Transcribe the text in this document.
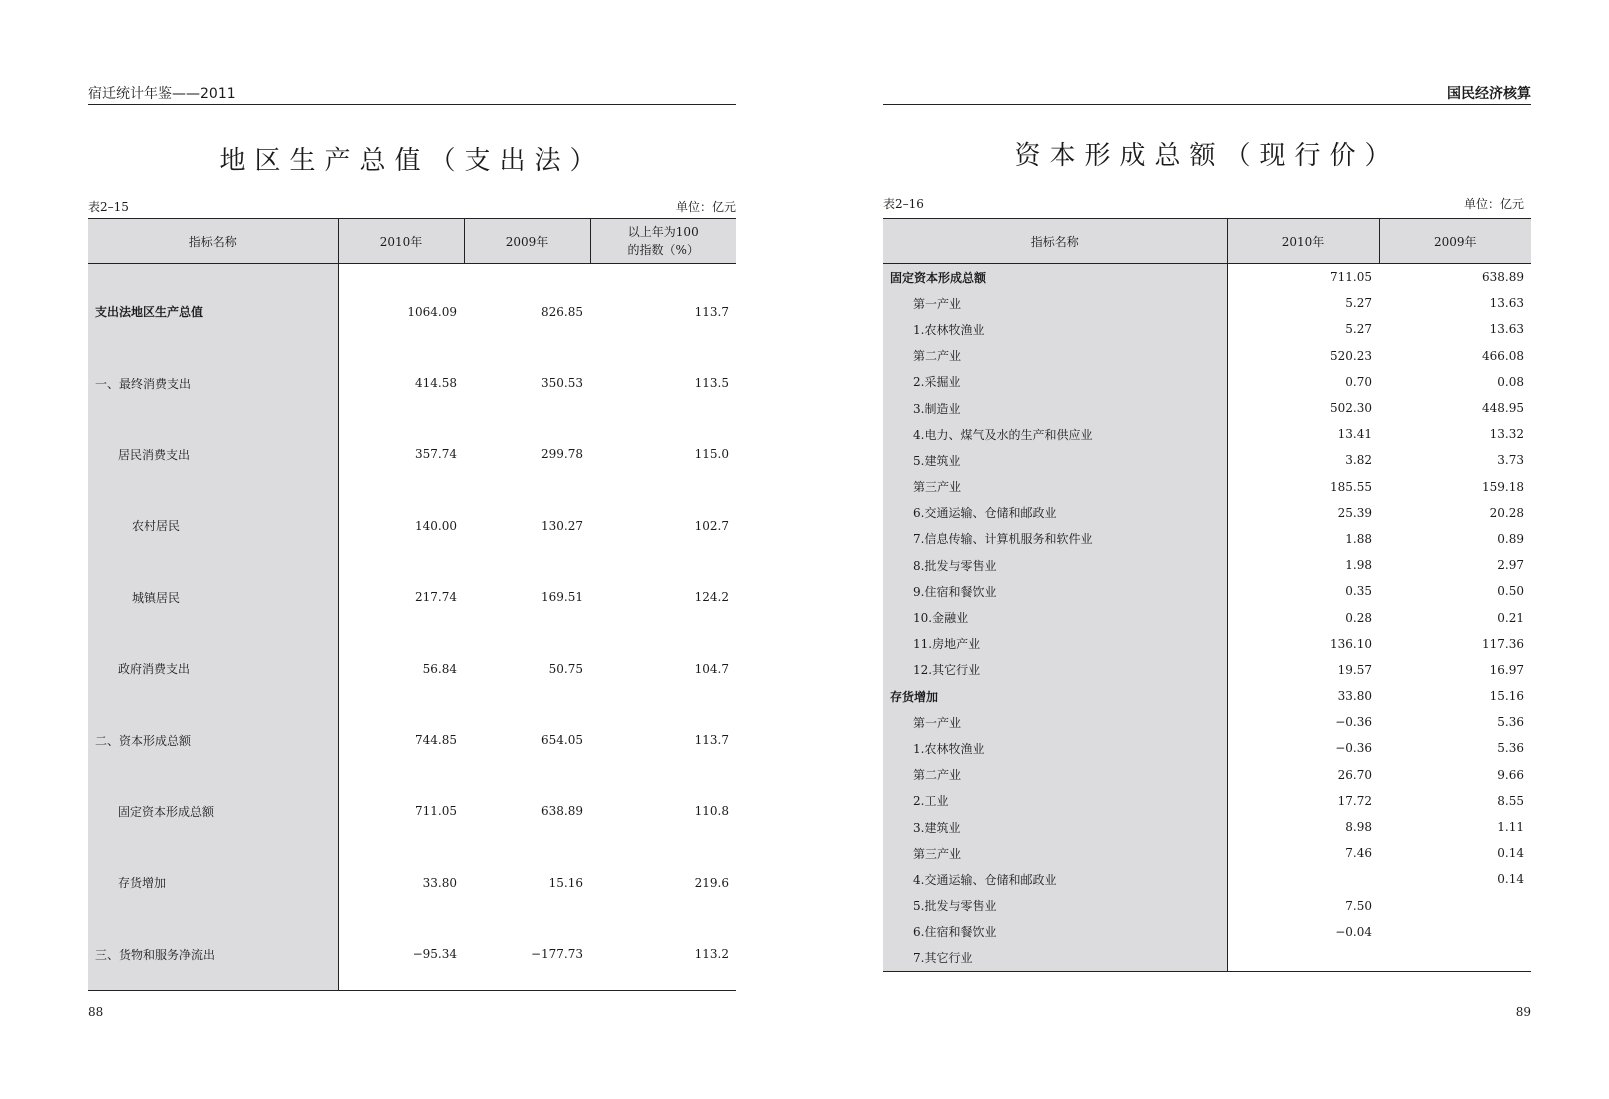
宿迁统计年鉴——2011
地区生产总值（支出法）
表2–15	单位：亿元
指标名称	2010年	2009年	以上年为100
的指数（%）
支出法地区生产总值	1064.09	826.85	113.7
一、最终消费支出	414.58	350.53	113.5
居民消费支出	357.74	299.78	115.0
农村居民	140.00	130.27	102.7
城镇居民	217.74	169.51	124.2
政府消费支出	56.84	50.75	104.7
二、资本形成总额	744.85	654.05	113.7
固定资本形成总额	711.05	638.89	110.8
存货增加	33.80	15.16	219.6
三、货物和服务净流出	−95.34	−177.73	113.2
88
国民经济核算
资本形成总额（现行价）
表2–16	单位：亿元
指标名称	2010年	2009年
固定资本形成总额	711.05	638.89
第一产业	5.27	13.63
1.农林牧渔业	5.27	13.63
第二产业	520.23	466.08
2.采掘业	0.70	0.08
3.制造业	502.30	448.95
4.电力、煤气及水的生产和供应业	13.41	13.32
5.建筑业	3.82	3.73
第三产业	185.55	159.18
6.交通运输、仓储和邮政业	25.39	20.28
7.信息传输、计算机服务和软件业	1.88	0.89
8.批发与零售业	1.98	2.97
9.住宿和餐饮业	0.35	0.50
10.金融业	0.28	0.21
11.房地产业	136.10	117.36
12.其它行业	19.57	16.97
存货增加	33.80	15.16
第一产业	−0.36	5.36
1.农林牧渔业	−0.36	5.36
第二产业	26.70	9.66
2.工业	17.72	8.55
3.建筑业	8.98	1.11
第三产业	7.46	0.14
4.交通运输、仓储和邮政业		0.14
5.批发与零售业	7.50	
6.住宿和餐饮业	−0.04	
7.其它行业		
89
